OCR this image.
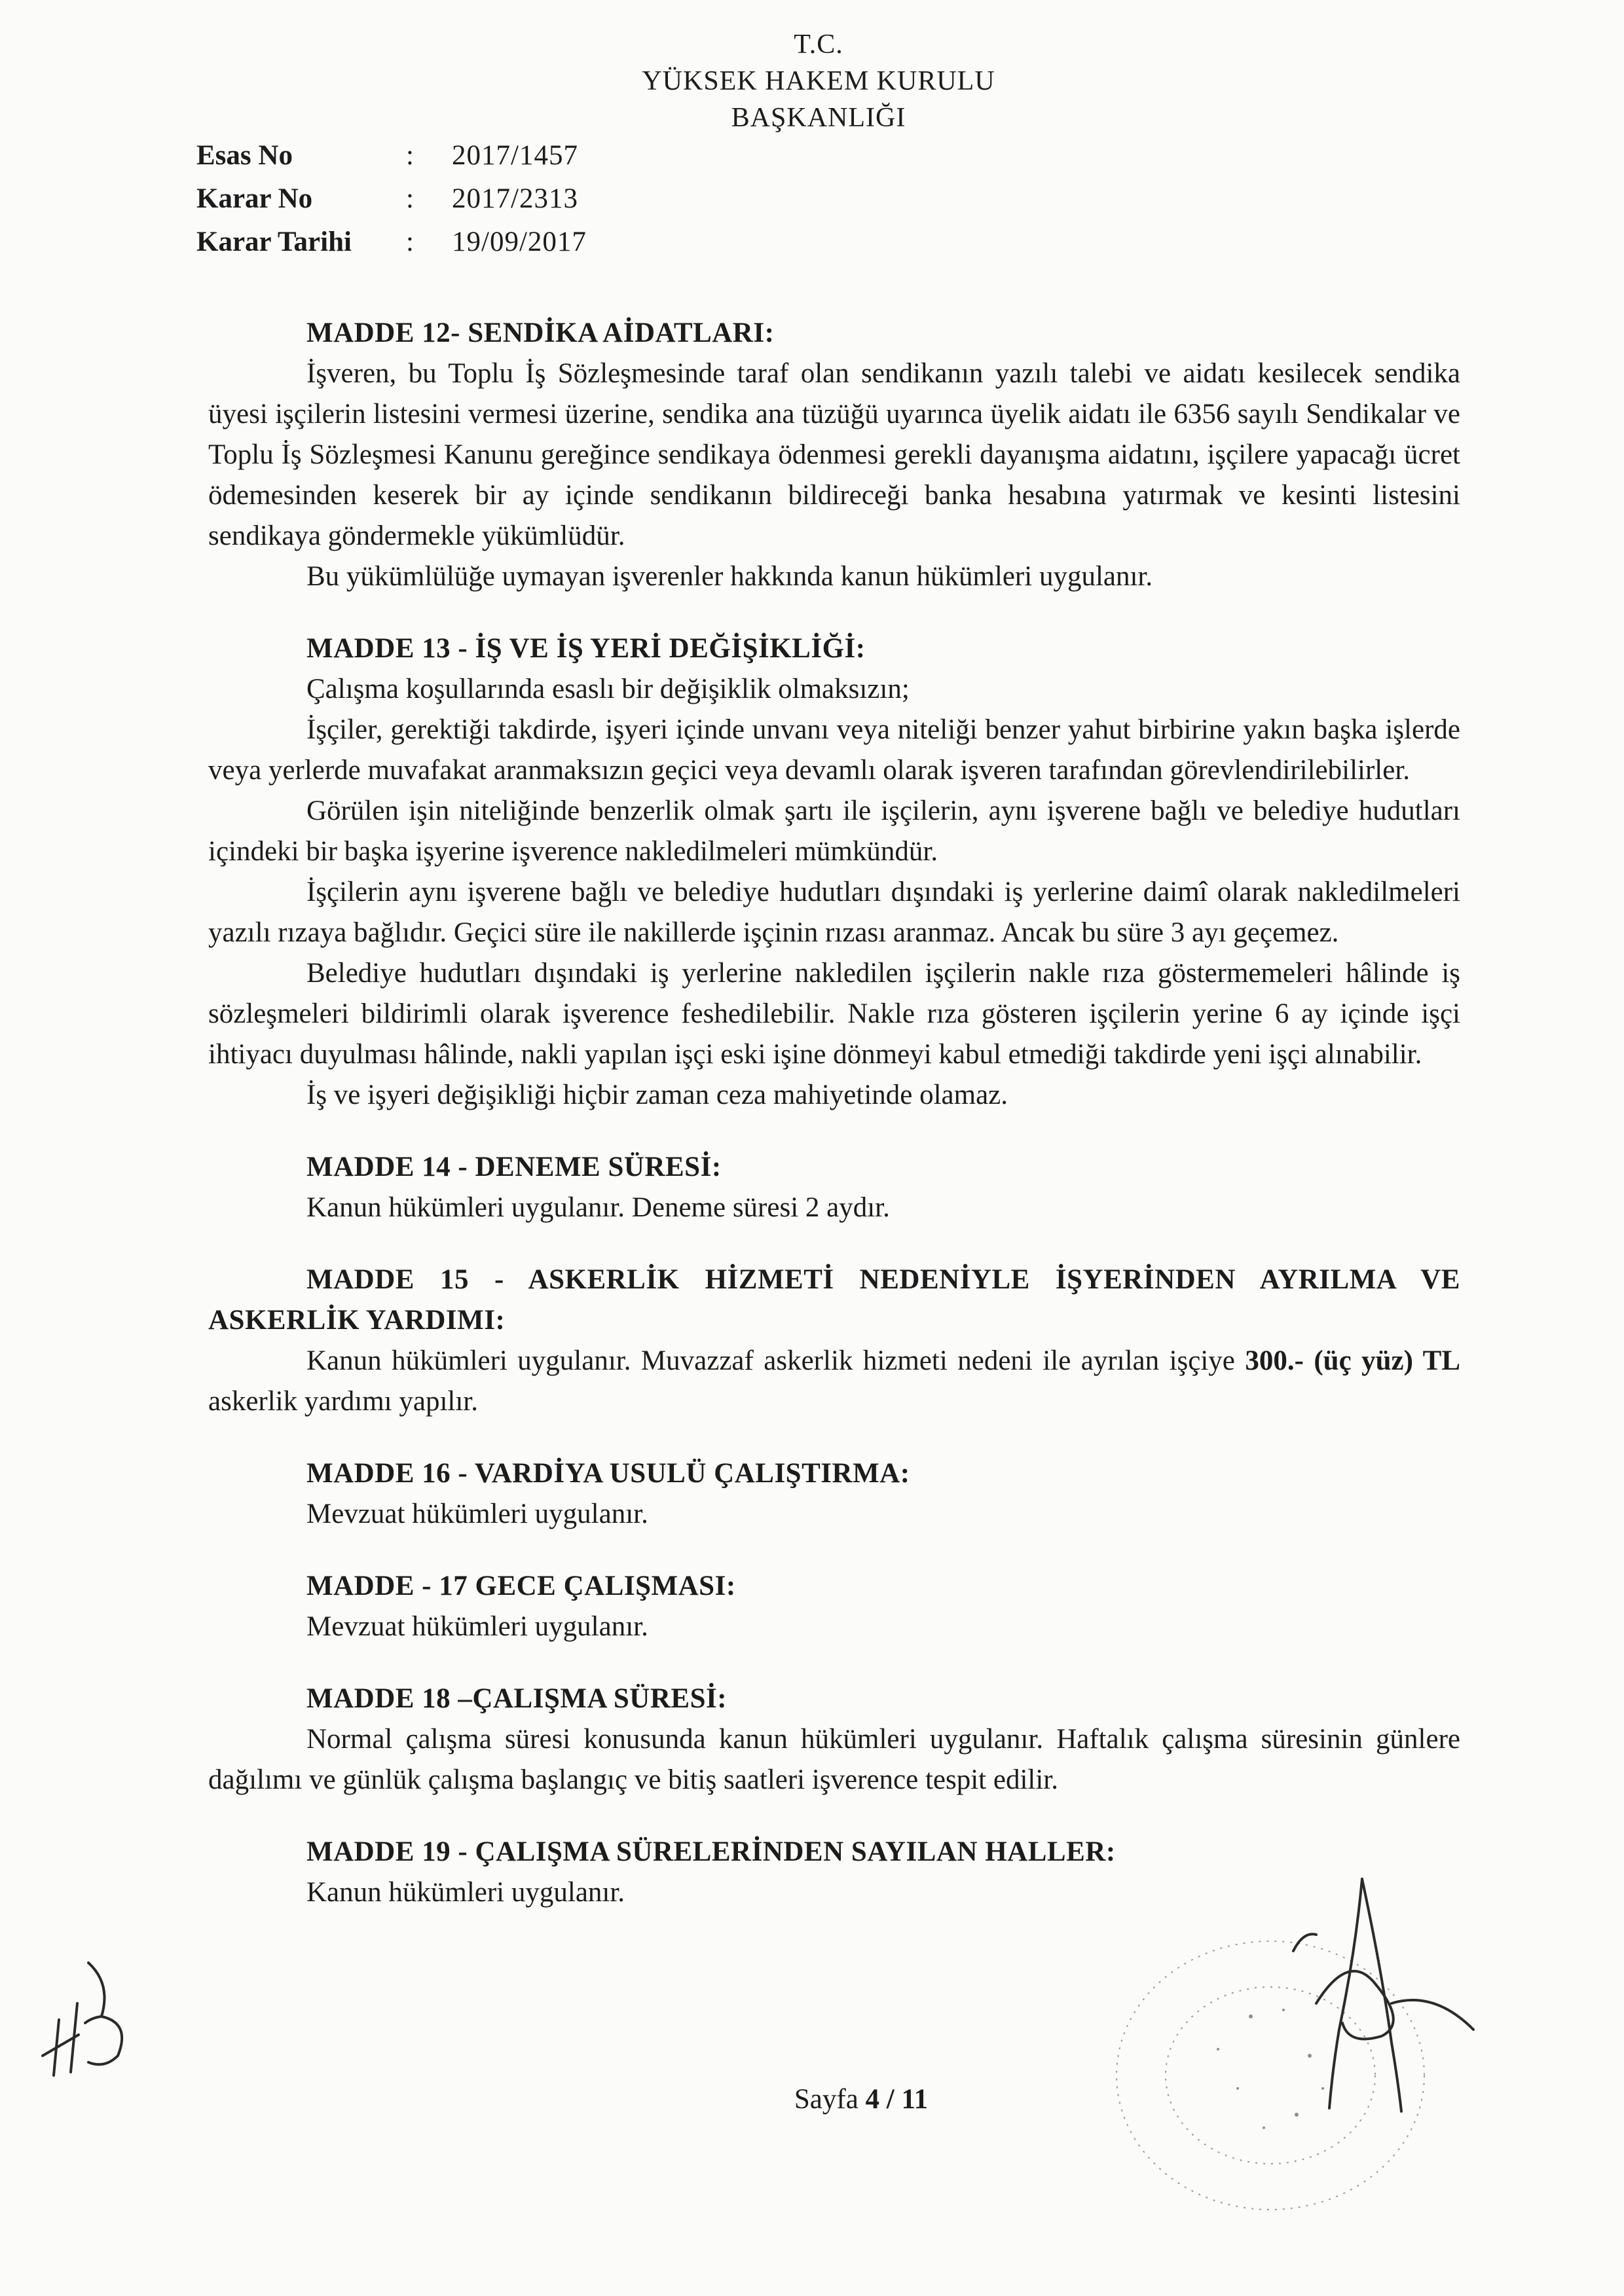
T.C.
YÜKSEK HAKEM KURULU
BAŞKANLIĞI
Esas No	:	2017/1457
Karar No	:	2017/2313
Karar Tarihi	:	19/09/2017
MADDE 12- SENDİKA AİDATLARI:
İşveren, bu Toplu İş Sözleşmesinde taraf olan sendikanın yazılı talebi ve aidatı kesilecek sendika üyesi işçilerin listesini vermesi üzerine, sendika ana tüzüğü uyarınca üyelik aidatı ile 6356 sayılı Sendikalar ve Toplu İş Sözleşmesi Kanunu gereğince sendikaya ödenmesi gerekli dayanışma aidatını, işçilere yapacağı ücret ödemesinden keserek bir ay içinde sendikanın bildireceği banka hesabına yatırmak ve kesinti listesini sendikaya göndermekle yükümlüdür.
Bu yükümlülüğe uymayan işverenler hakkında kanun hükümleri uygulanır.
MADDE 13 - İŞ VE İŞ YERİ DEĞİŞİKLİĞİ:
Çalışma koşullarında esaslı bir değişiklik olmaksızın;
İşçiler, gerektiği takdirde, işyeri içinde unvanı veya niteliği benzer yahut birbirine yakın başka işlerde veya yerlerde muvafakat aranmaksızın geçici veya devamlı olarak işveren tarafından görevlendirilebilirler.
Görülen işin niteliğinde benzerlik olmak şartı ile işçilerin, aynı işverene bağlı ve belediye hudutları içindeki bir başka işyerine işverence nakledilmeleri mümkündür.
İşçilerin aynı işverene bağlı ve belediye hudutları dışındaki iş yerlerine daimî olarak nakledilmeleri yazılı rızaya bağlıdır. Geçici süre ile nakillerde işçinin rızası aranmaz. Ancak bu süre 3 ayı geçemez.
Belediye hudutları dışındaki iş yerlerine nakledilen işçilerin nakle rıza göstermemeleri hâlinde iş sözleşmeleri bildirimli olarak işverence feshedilebilir. Nakle rıza gösteren işçilerin yerine 6 ay içinde işçi ihtiyacı duyulması hâlinde, nakli yapılan işçi eski işine dönmeyi kabul etmediği takdirde yeni işçi alınabilir.
İş ve işyeri değişikliği hiçbir zaman ceza mahiyetinde olamaz.
MADDE 14 - DENEME SÜRESİ:
Kanun hükümleri uygulanır. Deneme süresi 2 aydır.
MADDE 15 - ASKERLİK HİZMETİ NEDENİYLE İŞYERİNDEN AYRILMA VE ASKERLİK YARDIMI:
Kanun hükümleri uygulanır. Muvazzaf askerlik hizmeti nedeni ile ayrılan işçiye 300.- (üç yüz) TL askerlik yardımı yapılır.
MADDE 16 - VARDİYA USULÜ ÇALIŞTIRMA:
Mevzuat hükümleri uygulanır.
MADDE - 17 GECE ÇALIŞMASI:
Mevzuat hükümleri uygulanır.
MADDE 18 –ÇALIŞMA SÜRESİ:
Normal çalışma süresi konusunda kanun hükümleri uygulanır. Haftalık çalışma süresinin günlere dağılımı ve günlük çalışma başlangıç ve bitiş saatleri işverence tespit edilir.
MADDE 19 - ÇALIŞMA SÜRELERİNDEN SAYILAN HALLER:
Kanun hükümleri uygulanır.
Sayfa 4 / 11
